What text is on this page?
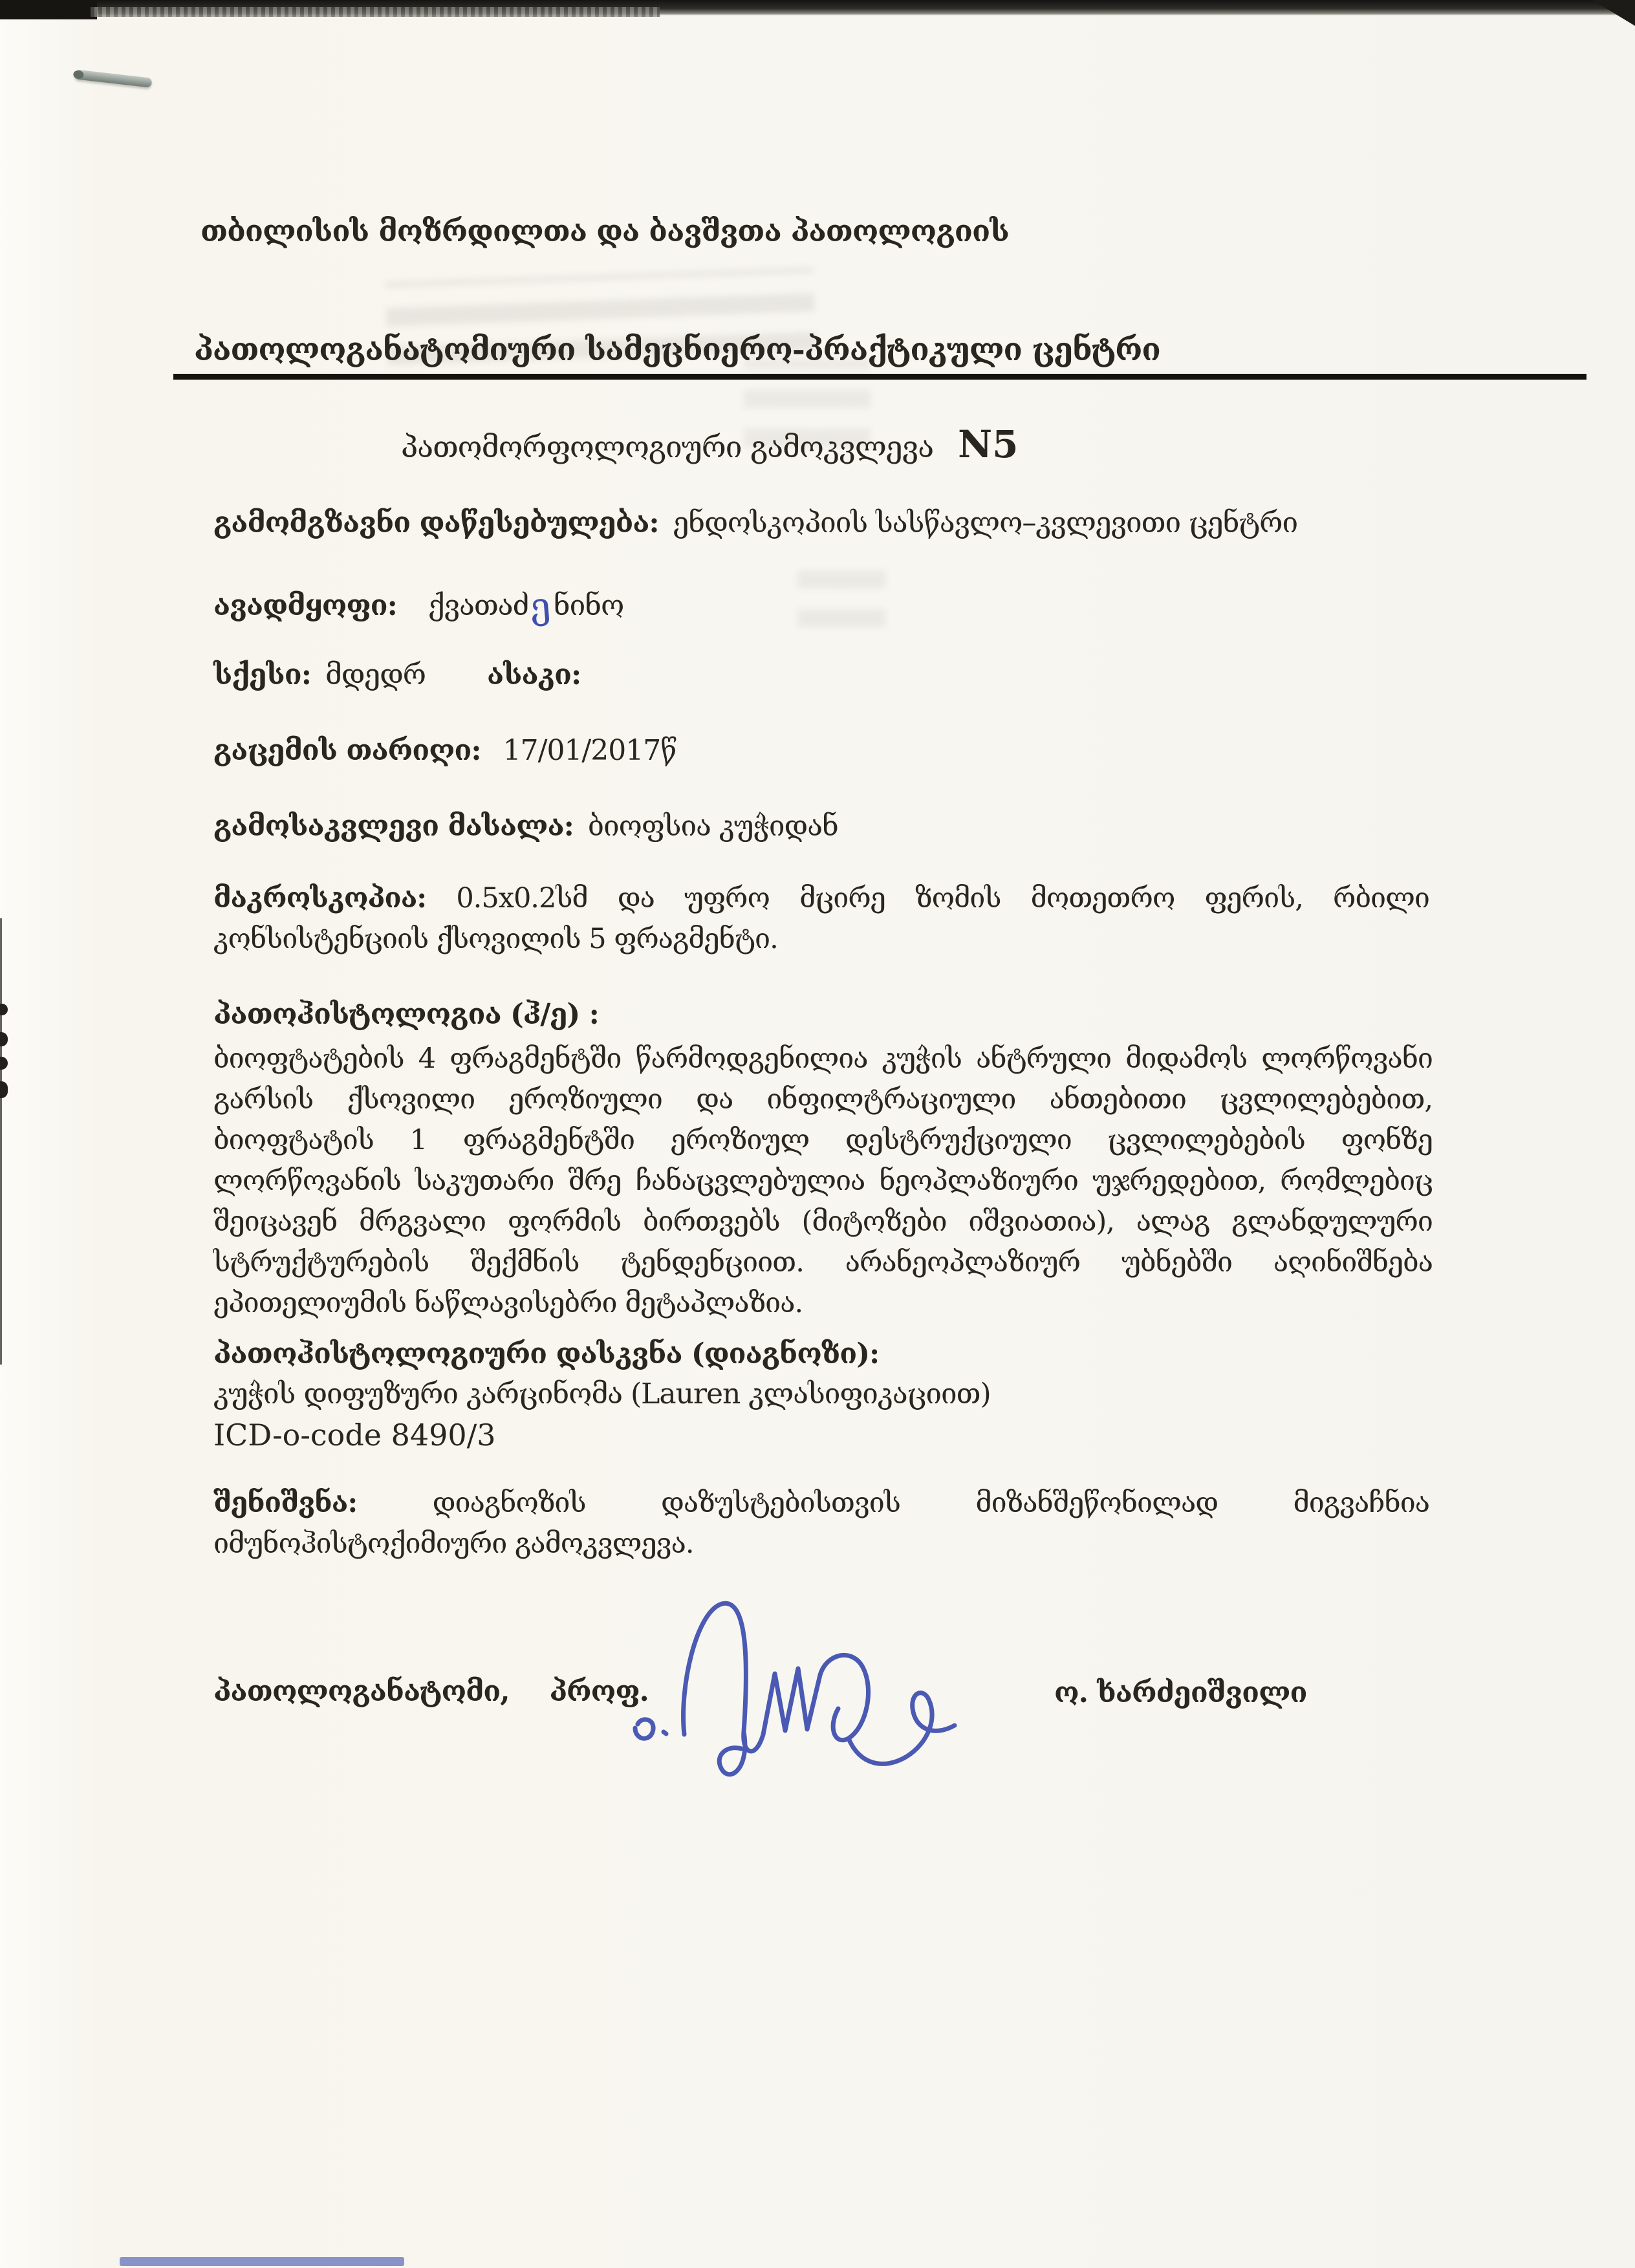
თბილისის მოზრდილთა და ბავშვთა პათოლოგიის
პათოლოგანატომიური სამეცნიერო-პრაქტიკული ცენტრი
პათომორფოლოგიური გამოკვლევა N5
გამომგზავნი დაწესებულება: ენდოსკოპიის სასწავლო–კვლევითი ცენტრი
ავადმყოფი: ქვათაძენინო
სქესი: მდედრ ასაკი:
გაცემის თარიღი: 17/01/2017წ
გამოსაკვლევი მასალა: ბიოფსია კუჭიდან
მაკროსკოპია: 0.5x0.2სმ და უფრო მცირე ზომის მოთეთრო ფერის, რბილი კონსისტენციის ქსოვილის 5 ფრაგმენტი.
პათოჰისტოლოგია (ჰ/ე) :
ბიოფტატების 4 ფრაგმენტში წარმოდგენილია კუჭის ანტრული მიდამოს ლორწოვანი გარსის ქსოვილი ეროზიული და ინფილტრაციული ანთებითი ცვლილებებით, ბიოფტატის 1 ფრაგმენტში ეროზიულ დესტრუქციული ცვლილებების ფონზე ლორწოვანის საკუთარი შრე ჩანაცვლებულია ნეოპლაზიური უჯრედებით, რომლებიც შეიცავენ მრგვალი ფორმის ბირთვებს (მიტოზები იშვიათია), ალაგ გლანდულური სტრუქტურების შექმნის ტენდენციით. არანეოპლაზიურ უბნებში აღინიშნება ეპითელიუმის ნაწლავისებრი მეტაპლაზია.
პათოჰისტოლოგიური დასკვნა (დიაგნოზი):
კუჭის დიფუზური კარცინომა (Lauren კლასიფიკაციით)
ICD-o-code 8490/3
შენიშვნა:	დიაგნოზის დაზუსტებისთვის მიზანშეწონილად მიგვაჩნია იმუნოჰისტოქიმიური გამოკვლევა.
პათოლოგანატომი, პროფ.	ო. ხარძეიშვილი
